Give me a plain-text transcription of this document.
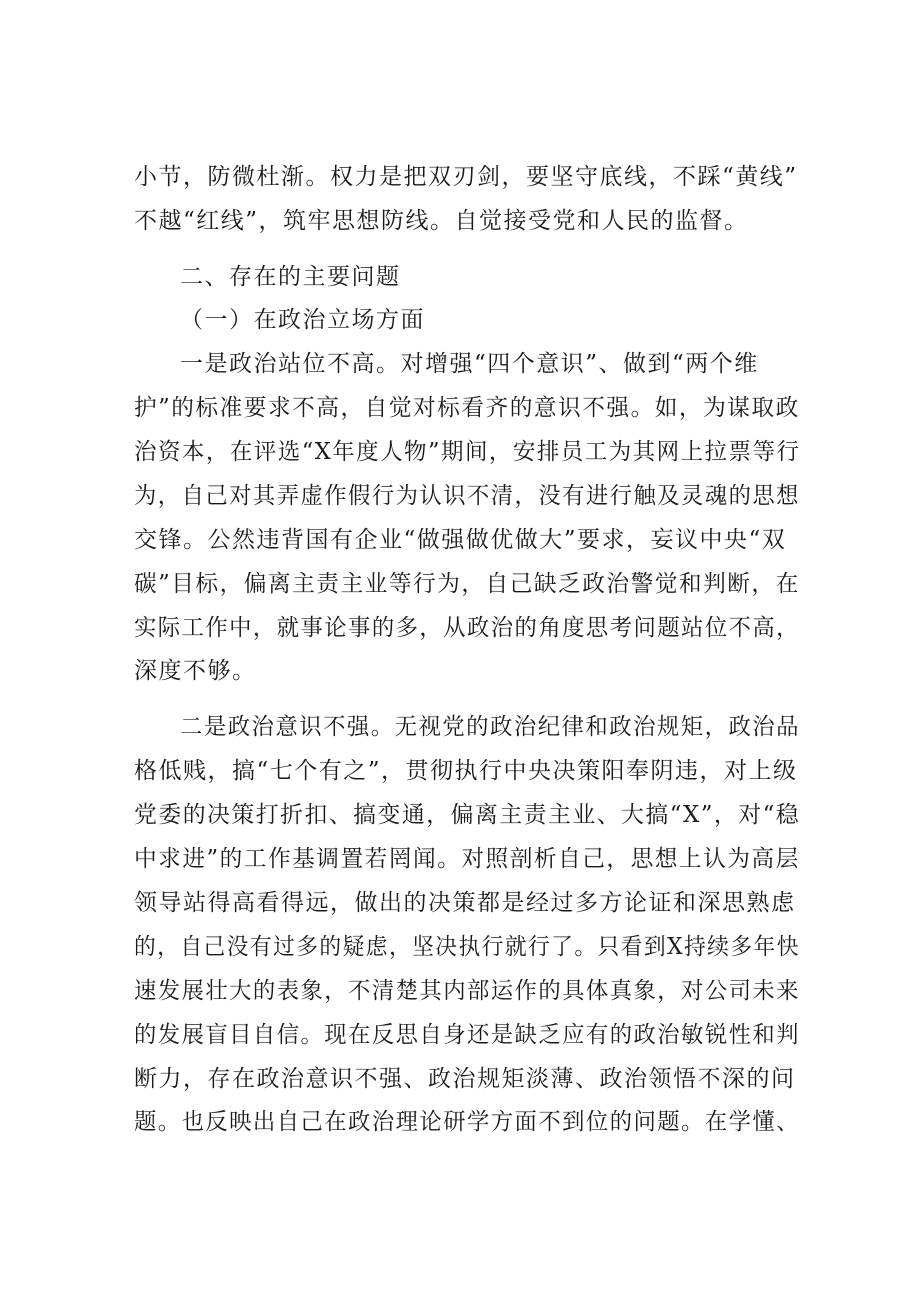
小节，防微杜渐。权力是把双刃剑，要坚守底线，不踩“黄线”
不越“红线”，筑牢思想防线。自觉接受党和人民的监督。
二、存在的主要问题
（一）在政治立场方面
一是政治站位不高。对增强“四个意识”、做到“两个维
护”的标准要求不高，自觉对标看齐的意识不强。如，为谋取政
治资本，在评选“X年度人物”期间，安排员工为其网上拉票等行
为，自己对其弄虚作假行为认识不清，没有进行触及灵魂的思想
交锋。公然违背国有企业“做强做优做大”要求，妄议中央“双
碳”目标，偏离主责主业等行为，自己缺乏政治警觉和判断，在
实际工作中，就事论事的多，从政治的角度思考问题站位不高，
深度不够。
二是政治意识不强。无视党的政治纪律和政治规矩，政治品
格低贱，搞“七个有之”，贯彻执行中央决策阳奉阴违，对上级
党委的决策打折扣、搞变通，偏离主责主业、大搞“X”，对“稳
中求进”的工作基调置若罔闻。对照剖析自己，思想上认为高层
领导站得高看得远，做出的决策都是经过多方论证和深思熟虑
的，自己没有过多的疑虑，坚决执行就行了。只看到X持续多年快
速发展壮大的表象，不清楚其内部运作的具体真象，对公司未来
的发展盲目自信。现在反思自身还是缺乏应有的政治敏锐性和判
断力，存在政治意识不强、政治规矩淡薄、政治领悟不深的问
题。也反映出自己在政治理论研学方面不到位的问题。在学懂、
